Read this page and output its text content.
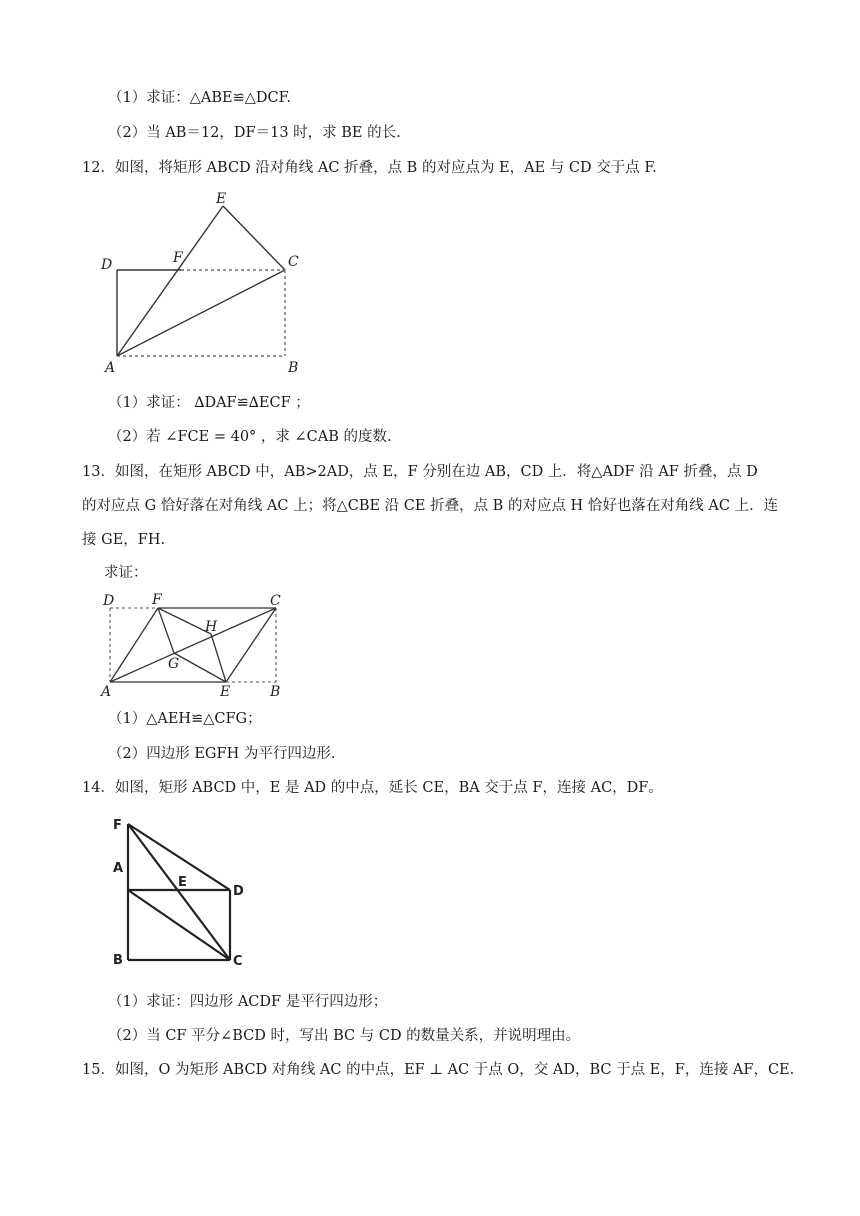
（1）求证：△ABE≌△DCF.
（2）当 AB＝12，DF＝13 时，求 BE 的长.
12．如图，将矩形 ABCD 沿对角线 AC 折叠，点 B 的对应点为 E，AE 与 CD 交于点 F.
E
D	F	C
A	B
（1）求证： ∆DAF≌∆ECF ；
（2）若 ∠FCE = 40° ，求 ∠CAB 的度数.
13．如图，在矩形 ABCD 中，AB>2AD，点 E，F 分别在边 AB，CD 上．将△ADF 沿 AF 折叠，点 D
的对应点 G 恰好落在对角线 AC 上；将△CBE 沿 CE 折叠，点 B 的对应点 H 恰好也落在对角线 AC 上．连
接 GE，FH.
求证：
D	F	C
H
G
A	E	B
（1）△AEH≌△CFG；
（2）四边形 EGFH 为平行四边形.
14．如图，矩形 ABCD 中，E 是 AD 的中点，延长 CE，BA 交于点 F，连接 AC，DF。
F
A
E
D
B	C
（1）求证：四边形 ACDF 是平行四边形；
（2）当 CF 平分∠BCD 时，写出 BC 与 CD 的数量关系，并说明理由。
15．如图，O 为矩形 ABCD 对角线 AC 的中点，EF ⊥ AC 于点 O，交 AD，BC 于点 E，F，连接 AF，CE.
